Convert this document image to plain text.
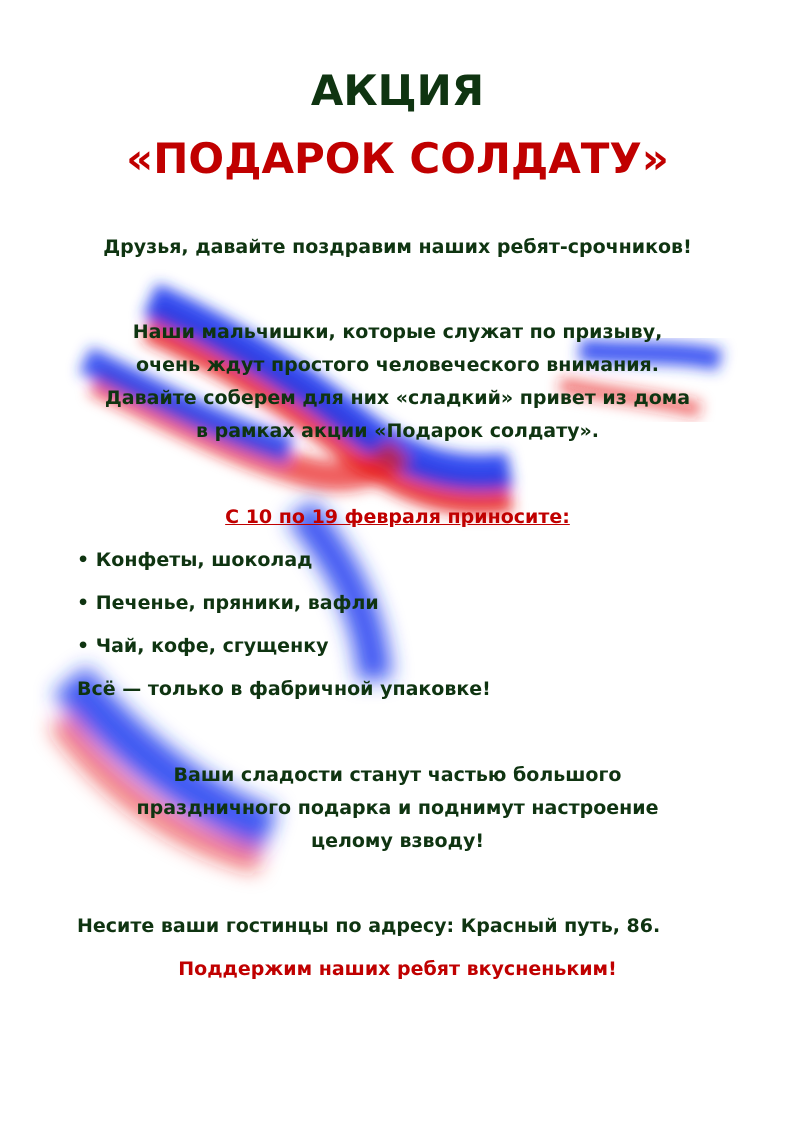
АКЦИЯ
«ПОДАРОК СОЛДАТУ»

Друзья, давайте поздравим наших ребят-срочников!

Наши мальчишки, которые служат по призыву,

очень ждут простого человеческого внимания.

Давайте соберем для них «сладкий» привет из дома

в рамках акции «Подарок солдату».

С 10 по 19 февраля приносите:

• Конфеты, шоколад

• Печенье, пряники, вафли

• Чай, кофе, сгущенку

Всё — только в фабричной упаковке!

Ваши сладости станут частью большого

праздничного подарка и поднимут настроение

целому взводу!

Несите ваши гостинцы по адресу: Красный путь, 86.

Поддержим наших ребят вкусненьким!
